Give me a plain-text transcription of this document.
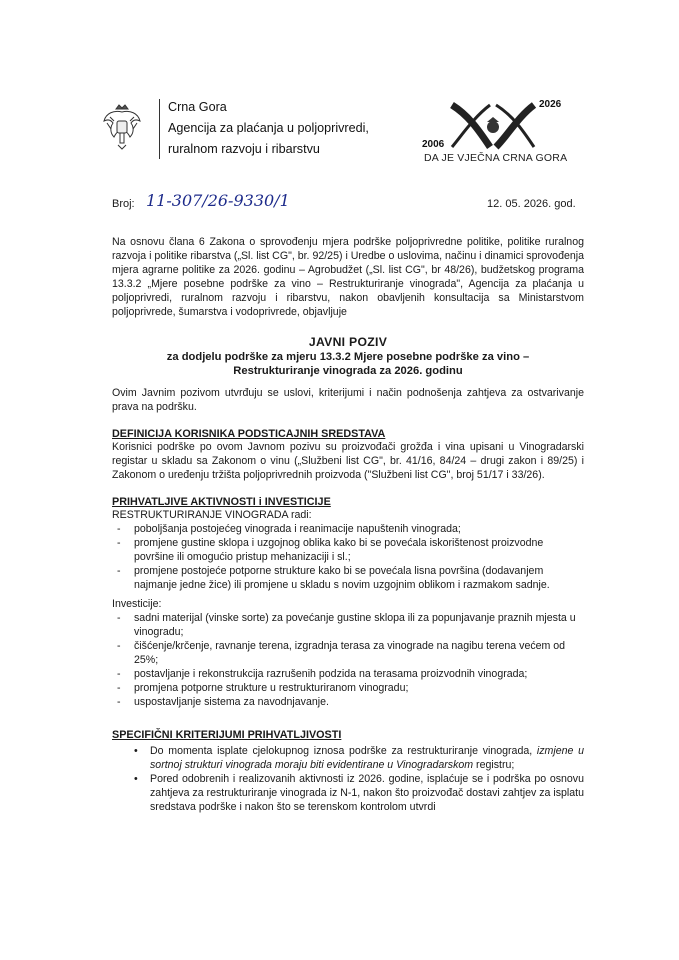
Crna Gora
Agencija za plaćanja u poljoprivredi,
ruralnom razvoju i ribarstvu	2006
2026
DA JE VJEČNA CRNA GORA
Broj: 11-307/26-9330/1	12. 05. 2026. god.

Na osnovu člana 6 Zakona o sprovođenju mjera podrške poljoprivredne politike, politike ruralnog razvoja i politike ribarstva („Sl. list CG", br. 92/25) i Uredbe o uslovima, načinu i dinamici sprovođenja mjera agrarne politike za 2026. godinu – Agrobudžet („Sl. list CG", br 48/26), budžetskog programa 13.3.2 „Mjere posebne podrške za vino – Restrukturiranje vinograda", Agencija za plaćanja u poljoprivredi, ruralnom razvoju i ribarstvu, nakon obavljenih konsultacija sa Ministarstvom poljoprivrede, šumarstva i vodoprivrede, objavljuje

JAVNI POZIV
za dodjelu podrške za mjeru 13.3.2 Mjere posebne podrške za vino –
Restrukturiranje vinograda za 2026. godinu

Ovim Javnim pozivom utvrđuju se uslovi, kriterijumi i način podnošenja zahtjeva za ostvarivanje prava na podršku.

DEFINICIJA KORISNIKA PODSTICAJNIH SREDSTAVA

Korisnici podrške po ovom Javnom pozivu su proizvođači grožđa i vina upisani u Vinogradarski registar u skladu sa Zakonom o vinu („Službeni list CG", br. 41/16, 84/24 – drugi zakon i 89/25) i Zakonom o uređenju tržišta poljoprivrednih proizvoda ("Službeni list CG", broj 51/17 i 33/26).

PRIHVATLJIVE AKTIVNOSTI i INVESTICIJE
RESTRUKTURIRANJE VINOGRADA radi:
- poboljšanja postojećeg vinograda i reanimacije napuštenih vinograda;
- promjene gustine sklopa i uzgojnog oblika kako bi se povećala iskorištenost proizvodne površine ili omogućio pristup mehanizaciji i sl.;
- promjene postojeće potporne strukture kako bi se povećala lisna površina (dodavanjem najmanje jedne žice) ili promjene u skladu s novim uzgojnim oblikom i razmakom sadnje.
Investicije:
- sadni materijal (vinske sorte) za povećanje gustine sklopa ili za popunjavanje praznih mjesta u vinogradu;
- čišćenje/krčenje, ravnanje terena, izgradnja terasa za vinograde na nagibu terena većem od 25%;
- postavljanje i rekonstrukcija razrušenih podzida na terasama proizvodnih vinograda;
- promjena potporne strukture u restrukturiranom vinogradu;
- uspostavljanje sistema za navodnjavanje.
SPECIFIČNI KRITERIJUMI PRIHVATLJIVOSTI
• Do momenta isplate cjelokupnog iznosa podrške za restrukturiranje vinograda, izmjene u sortnoj strukturi vinograda moraju biti evidentirane u Vinogradarskom registru;
• Pored odobrenih i realizovanih aktivnosti iz 2026. godine, isplaćuje se i podrška po osnovu zahtjeva za restrukturiranje vinograda iz N-1, nakon što proizvođač dostavi zahtjev za isplatu sredstava podrške i nakon što se terenskom kontrolom utvrdi
